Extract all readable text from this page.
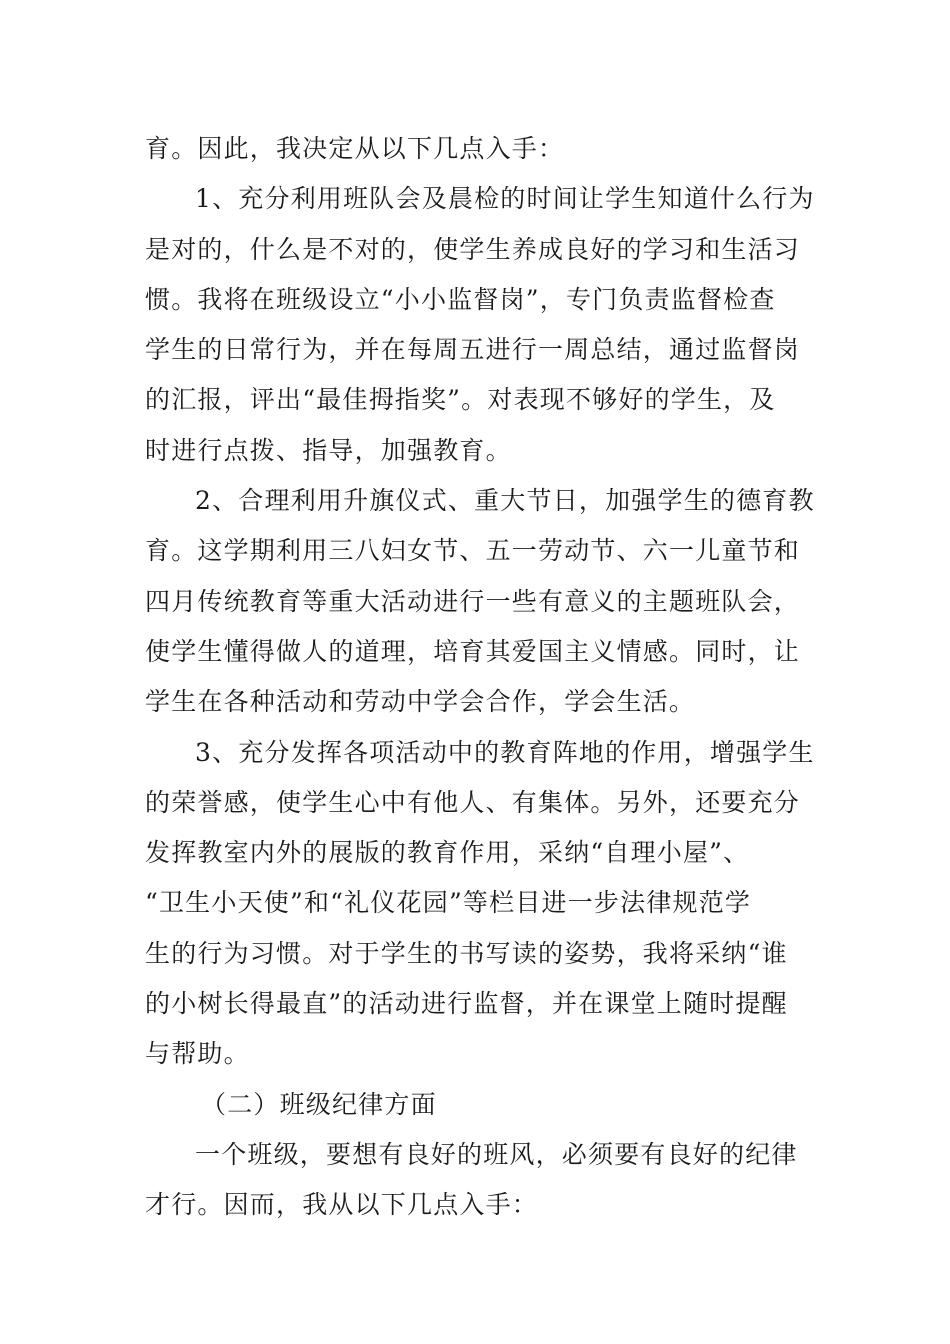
育。因此，我决定从以下几点入手：
1、充分利用班队会及晨检的时间让学生知道什么行为
是对的，什么是不对的，使学生养成良好的学习和生活习
惯。我将在班级设立“小小监督岗”，专门负责监督检查
学生的日常行为，并在每周五进行一周总结，通过监督岗
的汇报，评出“最佳拇指奖”。对表现不够好的学生，及
时进行点拨、指导，加强教育。
2、合理利用升旗仪式、重大节日，加强学生的德育教
育。这学期利用三八妇女节、五一劳动节、六一儿童节和
四月传统教育等重大活动进行一些有意义的主题班队会，
使学生懂得做人的道理，培育其爱国主义情感。同时，让
学生在各种活动和劳动中学会合作，学会生活。
3、充分发挥各项活动中的教育阵地的作用，增强学生
的荣誉感，使学生心中有他人、有集体。另外，还要充分
发挥教室内外的展版的教育作用，采纳“自理小屋”、
“卫生小天使”和“礼仪花园”等栏目进一步法律规范学
生的行为习惯。对于学生的书写读的姿势，我将采纳“谁
的小树长得最直”的活动进行监督，并在课堂上随时提醒
与帮助。
（二）班级纪律方面
一个班级，要想有良好的班风，必须要有良好的纪律
才行。因而，我从以下几点入手：
